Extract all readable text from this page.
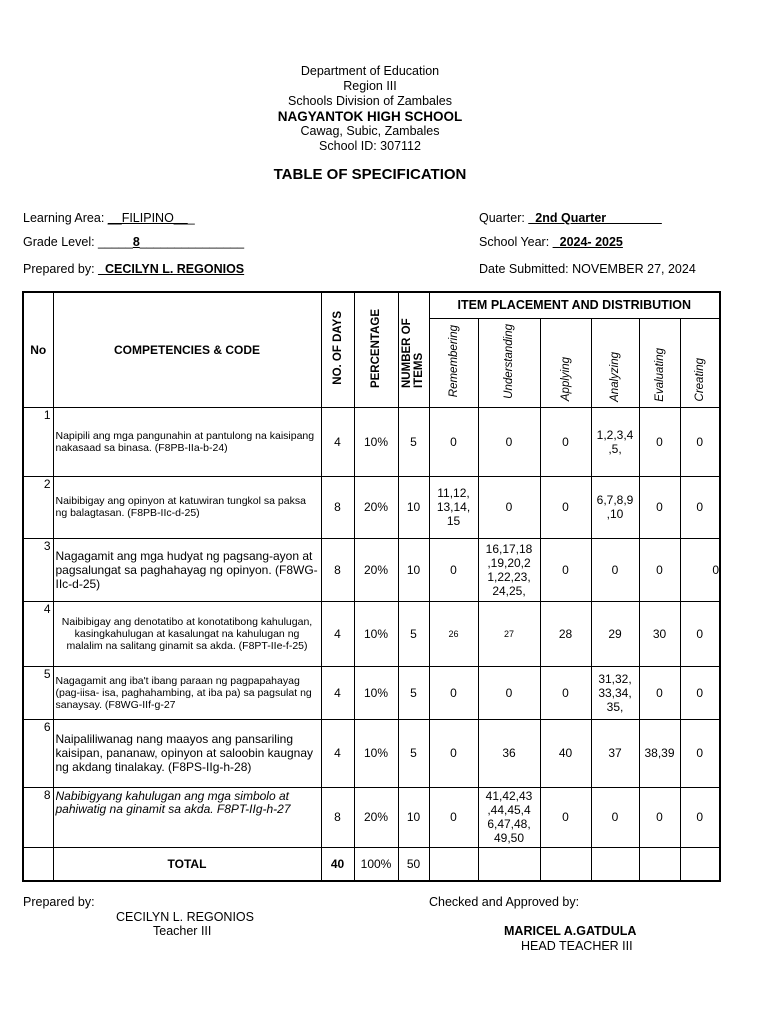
Department of Education
Region III
Schools Division of Zambales
NAGYANTOK HIGH SCHOOL
Cawag, Subic, Zambales
School ID: 307112
TABLE OF SPECIFICATION
Learning Area: __FILIPINO___
Grade Level: _____8_______________
Prepared by: _CECILYN L. REGONIOS
Quarter: _2nd Quarter________
School Year: _2024- 2025
Date Submitted: NOVEMBER 27, 2024
No	COMPETENCIES & CODE	NO. OF DAYS	PERCENTAGE	NUMBER OF ITEMS	ITEM PLACEMENT AND DISTRIBUTION					
					Remembering	Understanding	Applying	Analyzing	Evaluating	Creating
1	Napipili ang mga pangunahin at pantulong na kaisipang nakasaad sa binasa. (F8PB-IIa-b-24)	4	10%	5	0	0	0	1,2,3,4 ,5,	0	0
2	Naibibigay ang opinyon at katuwiran tungkol sa paksa ng balagtasan. (F8PB-IIc-d-25)	8	20%	10	11,12, 13,14, 15	0	0	6,7,8,9 ,10	0	0
3	Nagagamit ang mga hudyat ng pagsang-ayon at pagsalungat sa paghahayag ng opinyon. (F8WG-IIc-d-25)	8	20%	10	0	16,17,18 ,19,20,2 1,22,23, 24,25,	0	0	0	0
4	Naibibigay ang denotatibo at konotatibong kahulugan, kasingkahulugan at kasalungat na kahulugan ng malalim na salitang ginamit sa akda. (F8PT-IIe-f-25)	4	10%	5	26	27	28	29	30	0
5	Nagagamit ang iba't ibang paraan ng pagpapahayag (pag-iisa- isa, paghahambing, at iba pa) sa pagsulat ng sanaysay. (F8WG-IIf-g-27	4	10%	5	0	0	0	31,32, 33,34, 35,	0	0
6	Naipaliliwanag nang maayos ang pansariling kaisipan, pananaw, opinyon at saloobin kaugnay ng akdang tinalakay. (F8PS-IIg-h-28)	4	10%	5	0	36	40	37	38,39	0
8	Nabibigyang kahulugan ang mga simbolo at pahiwatig na ginamit sa akda. F8PT-IIg-h-27	8	20%	10	0	41,42,43 ,44,45,4 6,47,48, 49,50	0	0	0	0
	TOTAL	40	100%	50						
Prepared by:
CECILYN L. REGONIOS
Teacher III
Checked and Approved by:
MARICEL A.GATDULA
HEAD TEACHER III
